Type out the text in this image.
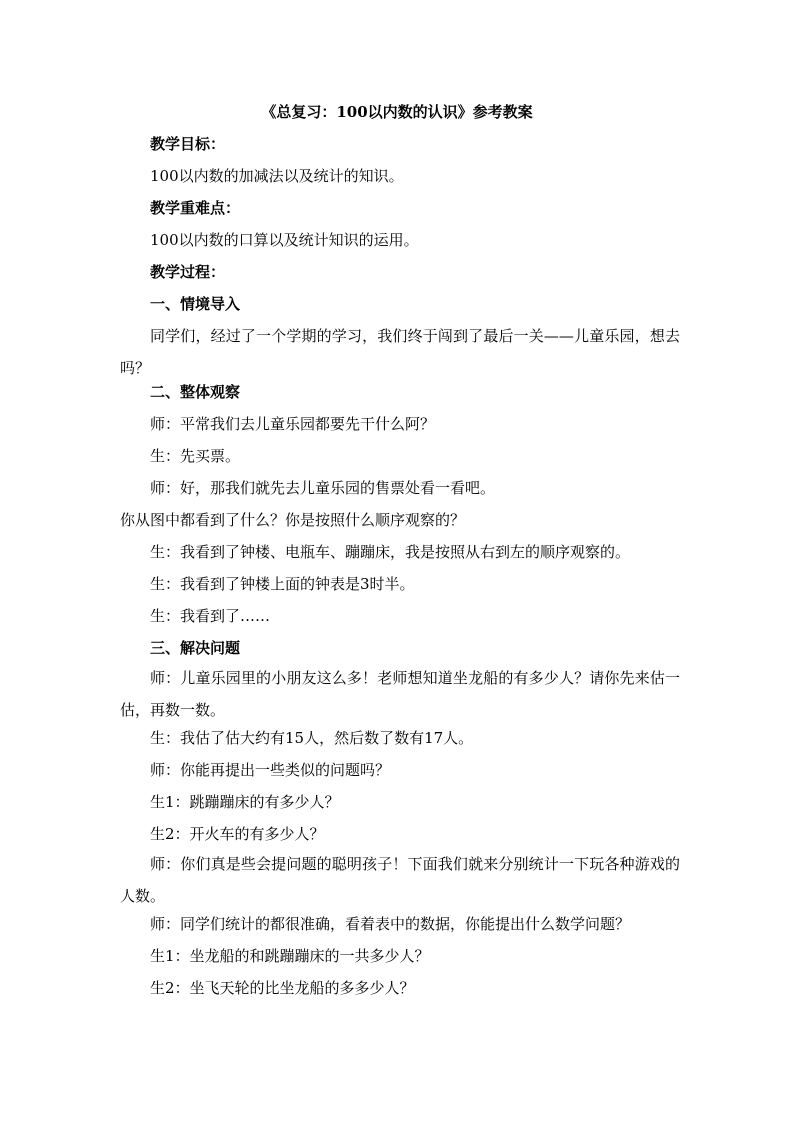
《总复习：100以内数的认识》参考教案
教学目标：
100以内数的加减法以及统计的知识。
教学重难点：
100以内数的口算以及统计知识的运用。
教学过程：
一、情境导入
同学们，经过了一个学期的学习，我们终于闯到了最后一关——儿童乐园，想去吗？
二、整体观察
师：平常我们去儿童乐园都要先干什么阿？
生：先买票。
师：好，那我们就先去儿童乐园的售票处看一看吧。
你从图中都看到了什么？你是按照什么顺序观察的？
生：我看到了钟楼、电瓶车、蹦蹦床，我是按照从右到左的顺序观察的。
生：我看到了钟楼上面的钟表是3时半。
生：我看到了……
三、解决问题
师：儿童乐园里的小朋友这么多！老师想知道坐龙船的有多少人？请你先来估一估，再数一数。
生：我估了估大约有15人，然后数了数有17人。
师：你能再提出一些类似的问题吗？
生1：跳蹦蹦床的有多少人？
生2：开火车的有多少人？
师：你们真是些会提问题的聪明孩子！下面我们就来分别统计一下玩各种游戏的人数。
师：同学们统计的都很准确，看着表中的数据，你能提出什么数学问题？
生1：坐龙船的和跳蹦蹦床的一共多少人？
生2：坐飞天轮的比坐龙船的多多少人？
